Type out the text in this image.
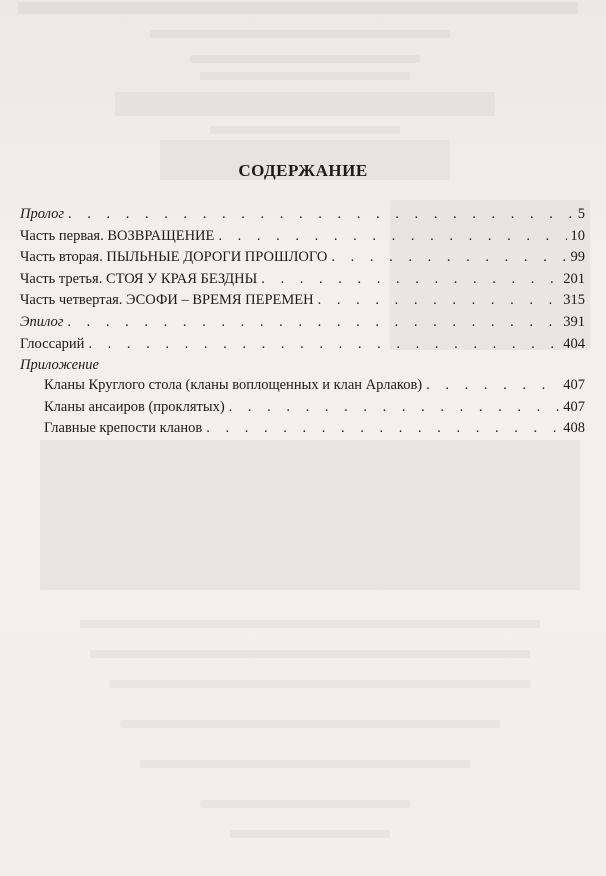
СОДЕРЖАНИЕ
Пролог . . .	5
Часть первая. ВОЗВРАЩЕНИЕ . . .	10
Часть вторая. ПЫЛЬНЫЕ ДОРОГИ ПРОШЛОГО . . .	99
Часть третья. СТОЯ У КРАЯ БЕЗДНЫ . . .	201
Часть четвертая. ЭСОФИ – ВРЕМЯ ПЕРЕМЕН . . .	315
Эпилог . . .	391
Глоссарий . . .	404
Приложение
Кланы Круглого стола (кланы воплощенных и клан Арлаков) . . .	407
Кланы ансаиров (проклятых) . . .	407
Главные крепости кланов . . .	408
